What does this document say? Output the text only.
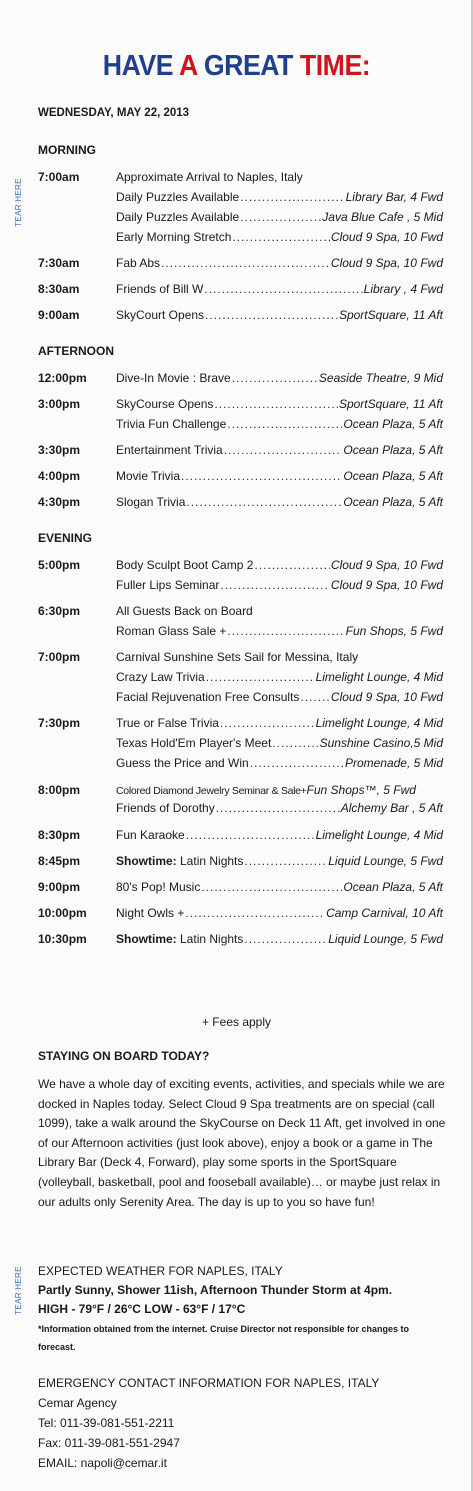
HAVE A GREAT TIME:
TEAR HERE
TEAR HERE
WEDNESDAY, MAY 22, 2013
MORNING
7:00am	Approximate Arrival to Naples, Italy
Daily Puzzles Available .....	Library Bar, 4 Fwd
Daily Puzzles Available .....	Java Blue Cafe , 5 Mid
Early Morning Stretch .....	Cloud 9 Spa, 10 Fwd
7:30am	Fab Abs .....	Cloud 9 Spa, 10 Fwd
8:30am	Friends of Bill W .....	Library , 4 Fwd
9:00am	SkyCourt Opens .....	SportSquare, 11 Aft
AFTERNOON
12:00pm Dive-In Movie : Brave .....	Seaside Theatre, 9 Mid
3:00pm	SkyCourse Opens .....	SportSquare, 11 Aft
Trivia Fun Challenge .....	Ocean Plaza, 5 Aft
3:30pm	Entertainment Trivia .....	Ocean Plaza, 5 Aft
4:00pm	Movie Trivia .....	Ocean Plaza, 5 Aft
4:30pm	Slogan Trivia .....	Ocean Plaza, 5 Aft
EVENING
5:00pm	Body Sculpt Boot Camp 2 .....	Cloud 9 Spa, 10 Fwd
Fuller Lips Seminar .....	Cloud 9 Spa, 10 Fwd
6:30pm	All Guests Back on Board
Roman Glass Sale + .....	Fun Shops, 5 Fwd
7:00pm	Carnival Sunshine Sets Sail for Messina, Italy
Crazy Law Trivia .....	Limelight Lounge, 4 Mid
Facial Rejuvenation Free Consults .....	Cloud 9 Spa, 10 Fwd
7:30pm	True or False Trivia .....	Limelight Lounge, 4 Mid
Texas Hold'Em Player's Meet .....	Sunshine Casino,5 Mid
Guess the Price and Win .....	Promenade, 5 Mid
8:00pm	Colored Diamond Jewelry Seminar & Sale+ Fun Shops™, 5 Fwd
Friends of Dorothy .....	Alchemy Bar , 5 Aft
8:30pm	Fun Karaoke .....	Limelight Lounge, 4 Mid
8:45pm	Showtime: Latin Nights .....	Liquid Lounge, 5 Fwd
9:00pm	80's Pop! Music .....	Ocean Plaza, 5 Aft
10:00pm Night Owls + .....	Camp Carnival, 10 Aft
10:30pm Showtime: Latin Nights .....	Liquid Lounge, 5 Fwd
+ Fees apply
STAYING ON BOARD TODAY?
We have a whole day of exciting events, activities, and specials while we are docked in Naples today. Select Cloud 9 Spa treatments are on special (call 1099), take a walk around the SkyCourse on Deck 11 Aft, get involved in one of our Afternoon activities (just look above), enjoy a book or a game in The Library Bar (Deck 4, Forward), play some sports in the SportSquare (volleyball, basketball, pool and fooseball available)… or maybe just relax in our adults only Serenity Area. The day is up to you so have fun!
EXPECTED WEATHER FOR NAPLES, ITALY
Partly Sunny, Shower 11ish, Afternoon Thunder Storm at 4pm.
HIGH - 79°F / 26°C LOW - 63°F / 17°C
*Information obtained from the internet. Cruise Director not responsible for changes to forecast.
EMERGENCY CONTACT INFORMATION FOR NAPLES, ITALY
Cemar Agency
Tel: 011-39-081-551-2211
Fax: 011-39-081-551-2947
EMAIL: napoli@cemar.it
